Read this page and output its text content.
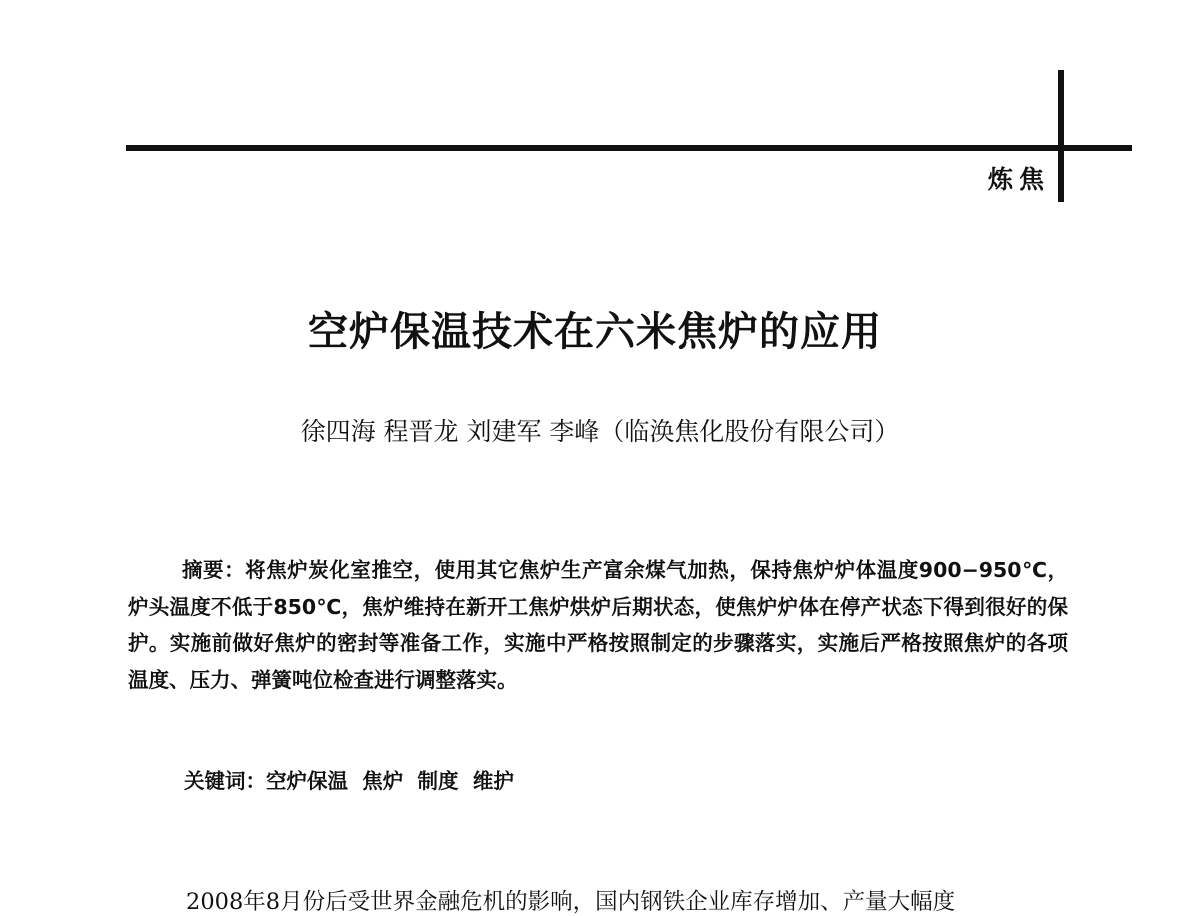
炼焦
空炉保温技术在六米焦炉的应用
徐四海 程晋龙 刘建军 李峰（临涣焦化股份有限公司）

摘要：将焦炉炭化室推空，使用其它焦炉生产富余煤气加热，保持焦炉炉体温度900−950℃，炉头温度不低于850℃，焦炉维持在新开工焦炉烘炉后期状态，使焦炉炉体在停产状态下得到很好的保护。实施前做好焦炉的密封等准备工作，实施中严格按照制定的步骤落实，实施后严格按照焦炉的各项温度、压力、弹簧吨位检查进行调整落实。

关键词：空炉保温  焦炉  制度  维护
2008年8月份后受世界金融危机的影响，国内钢铁企业库存增加、产量大幅度
